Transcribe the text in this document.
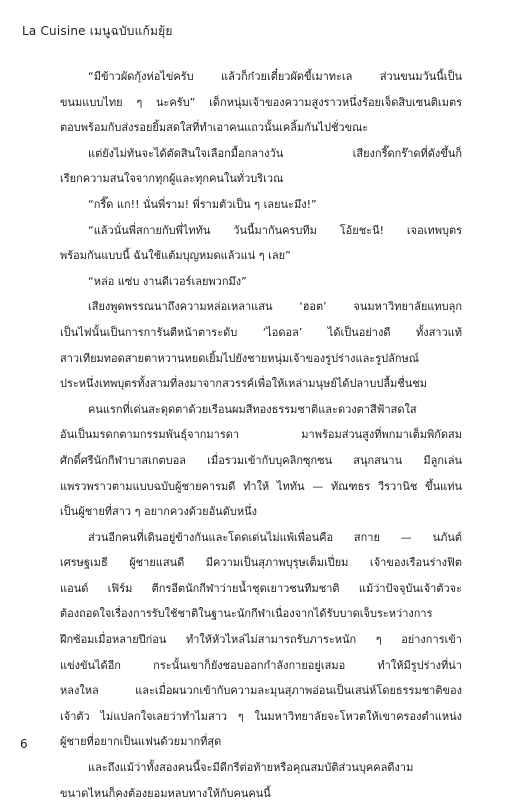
La Cuisine เมนูฉบับแก้มยุ้ย
“มีข้าวผัดกุ้งห่อไข่ครับ แล้วก็ก๋วยเตี๋ยวผัดขี้เมาทะเล ส่วนขนมวันนี้เป็น
ขนมแบบไทย ๆ นะครับ” เด็กหนุ่มเจ้าของความสูงราวหนึ่งร้อยเจ็ดสิบเซนติเมตร
ตอบพร้อมกับส่งรอยยิ้มสดใสที่ทำเอาคนแถวนั้นเคลิ้มกันไปชั่วขณะ
แต่ยังไม่ทันจะได้ตัดสินใจเลือกมื้อกลางวัน เสียงกรี๊ดกร๊าดที่ดังขึ้นก็
เรียกความสนใจจากทุกผู้และทุกคนในทั่วบริเวณ
“กรี๊ด แก!! นั่นพี่ราม! พี่รามตัวเป็น ๆ เลยนะมึง!”
“แล้วนั่นพี่สกายกับพี่ไททัน วันนี้มากันครบทีม โอ้ยชะนี! เจอเทพบุตร
พร้อมกันแบบนี้ ฉันใช้แต้มบุญหมดแล้วแน่ ๆ เลย”
“หล่อ แซ่บ งานดีเวอร์เลยพวกมึง”
เสียงพูดพรรณนาถึงความหล่อเหลาแสน ‘ฮอต’ จนมหาวิทยาลัยแทบลุก
เป็นไฟนั้นเป็นการการันตีหน้าตาระดับ ‘ไอดอล’ ได้เป็นอย่างดี ทั้งสาวแท้
สาวเทียมทอดสายตาหวานหยดเยิ้มไปยังชายหนุ่มเจ้าของรูปร่างและรูปลักษณ์
ประหนึ่งเทพบุตรทั้งสามที่ลงมาจากสวรรค์เพื่อให้เหล่ามนุษย์ได้ปลาบปลื้มชื่นชม
คนแรกที่เด่นสะดุดตาด้วยเรือนผมสีทองธรรมชาติและดวงตาสีฟ้าสดใส
อันเป็นมรดกตามกรรมพันธุ์จากมารดา มาพร้อมส่วนสูงที่พกมาเต็มพิกัดสม
ศักดิ์ศรีนักกีฬาบาสเกตบอล เมื่อรวมเข้ากับบุคลิกซุกซน สนุกสนาน มีลูกเล่น
แพรวพราวตามแบบฉบับผู้ชายคารมดี ทำให้ ไททัน — ทัณฑธร วีรวานิช ขึ้นแท่น
เป็นผู้ชายที่สาว ๆ อยากควงด้วยอันดับหนึ่ง
ส่วนอีกคนที่เดินอยู่ข้างกันและโดดเด่นไม่แพ้เพื่อนคือ สกาย — นภันต์
เศรษฐเมธี ผู้ชายแสนดี มีความเป็นสุภาพบุรุษเต็มเปี่ยม เจ้าของเรือนร่างฟิต
แอนด์ เฟิร์ม ตีกรอีตนักกีฬาว่ายน้ำชุดเยาวชนทีมชาติ แม้ว่าปัจจุบันเจ้าตัวจะ
ต้องถอดใจเรื่องการรับใช้ชาติในฐานะนักกีฬาเนื่องจากได้รับบาดเจ็บระหว่างการ
ฝึกซ้อมเมื่อหลายปีก่อน ทำให้หัวไหล่ไม่สามารถรับภาระหนัก ๆ อย่างการเข้า
แข่งขันได้อีก กระนั้นเขาก็ยังชอบออกกำลังกายอยู่เสมอ ทำให้มีรูปร่างที่น่า
หลงใหล และเมื่อผนวกเข้ากับความละมุนสุภาพอ่อนเป็นเสน่ห์โดยธรรมชาติของ
เจ้าตัว ไม่แปลกใจเลยว่าทำไมสาว ๆ ในมหาวิทยาลัยจะโหวตให้เขาครองตำแหน่ง
ผู้ชายที่อยากเป็นแฟนด้วยมากที่สุด
และถึงแม้ว่าทั้งสองคนนี้จะมีดีกรีต่อท้ายหรือคุณสมบัติส่วนบุคคลดีงาม
ขนาดไหนก็คงต้องยอมหลบทางให้กับคนคนนี้
6
